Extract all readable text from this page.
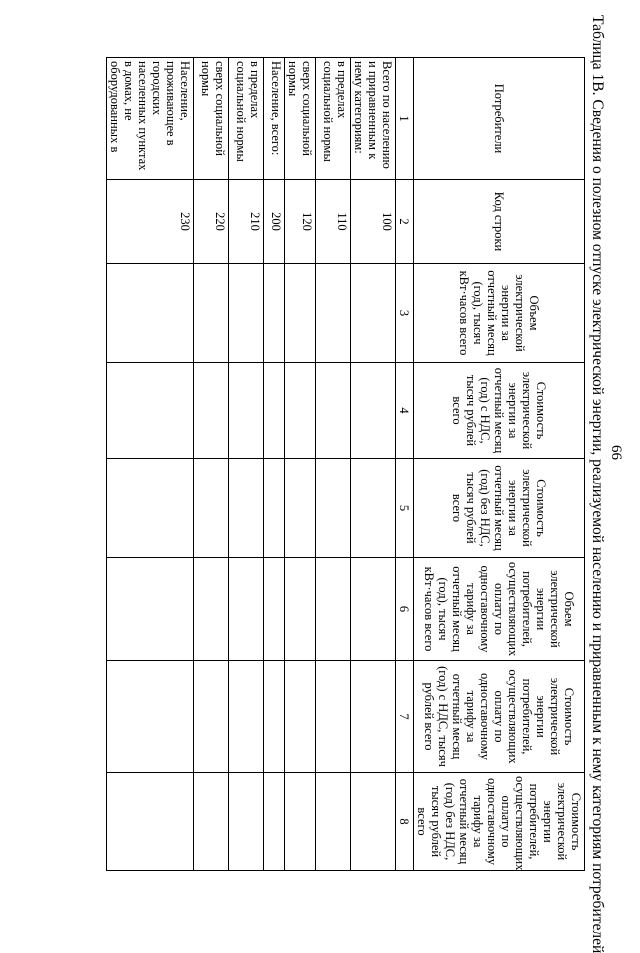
66
Таблица 1В. Сведения о полезном отпуске электрической энергии, реализуемой населению и приравненным к нему категориям потребителей
Потребители	Код строки	Объем электрической энергии за отчетный месяц (год), тысяч кВт·часов всего	Стоимость электрической энергии за отчетный месяц (год) с НДС, тысяч рублей всего	Стоимость электрической энергии за отчетный месяц (год) без НДС, тысяч рублей всего	Объем электрической энергии потребителей, осуществляющих оплату по одноставочному тарифу за отчетный месяц (год), тысяч кВт·часов всего	Стоимость электрической энергии потребителей, осуществляющих оплату по одноставочному тарифу за отчетный месяц (год) с НДС, тысяч рублей всего	Стоимость электрической энергии потребителей, осуществляющих оплату по одноставочному тарифу за отчетный месяц (год) без НДС, тысяч рублей всего
1	2	3	4	5	6	7	8
Всего по населению и приравненным к нему категориям:	100						
в пределах социальной нормы	110						
сверх социальной нормы	120						
Население, всего:	200						
в пределах социальной нормы	210						
сверх социальной нормы	220						
Население, проживающее в городских населенных пунктах в домах, не оборудованных в	230						
